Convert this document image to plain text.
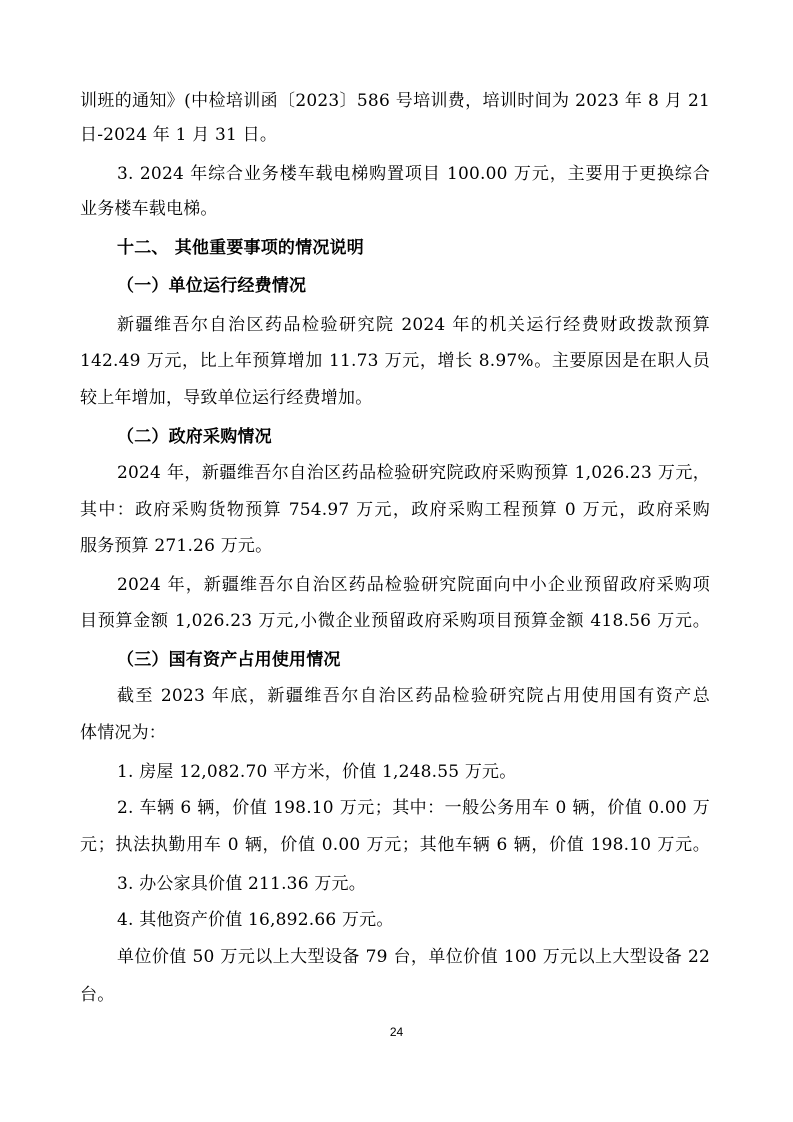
训班的通知》(中检培训函〔2023〕586 号培训费，培训时间为 2023 年 8 月 21
日-2024 年 1 月 31 日。
3. 2024 年综合业务楼车载电梯购置项目 100.00 万元，主要用于更换综合
业务楼车载电梯。
十二、 其他重要事项的情况说明
（一）单位运行经费情况
新疆维吾尔自治区药品检验研究院 2024 年的机关运行经费财政拨款预算
142.49 万元，比上年预算增加 11.73 万元，增长 8.97%。主要原因是在职人员
较上年增加，导致单位运行经费增加。
（二）政府采购情况
2024 年，新疆维吾尔自治区药品检验研究院政府采购预算 1,026.23 万元，
其中：政府采购货物预算 754.97 万元，政府采购工程预算 0 万元，政府采购
服务预算 271.26 万元。
2024 年，新疆维吾尔自治区药品检验研究院面向中小企业预留政府采购项
目预算金额 1,026.23 万元,小微企业预留政府采购项目预算金额 418.56 万元。
（三）国有资产占用使用情况
截至 2023 年底，新疆维吾尔自治区药品检验研究院占用使用国有资产总
体情况为：
1. 房屋 12,082.70 平方米，价值 1,248.55 万元。
2. 车辆 6 辆，价值 198.10 万元；其中：一般公务用车 0 辆，价值 0.00 万
元；执法执勤用车 0 辆，价值 0.00 万元；其他车辆 6 辆，价值 198.10 万元。
3. 办公家具价值 211.36 万元。
4. 其他资产价值 16,892.66 万元。
单位价值 50 万元以上大型设备 79 台，单位价值 100 万元以上大型设备 22
台。
24
